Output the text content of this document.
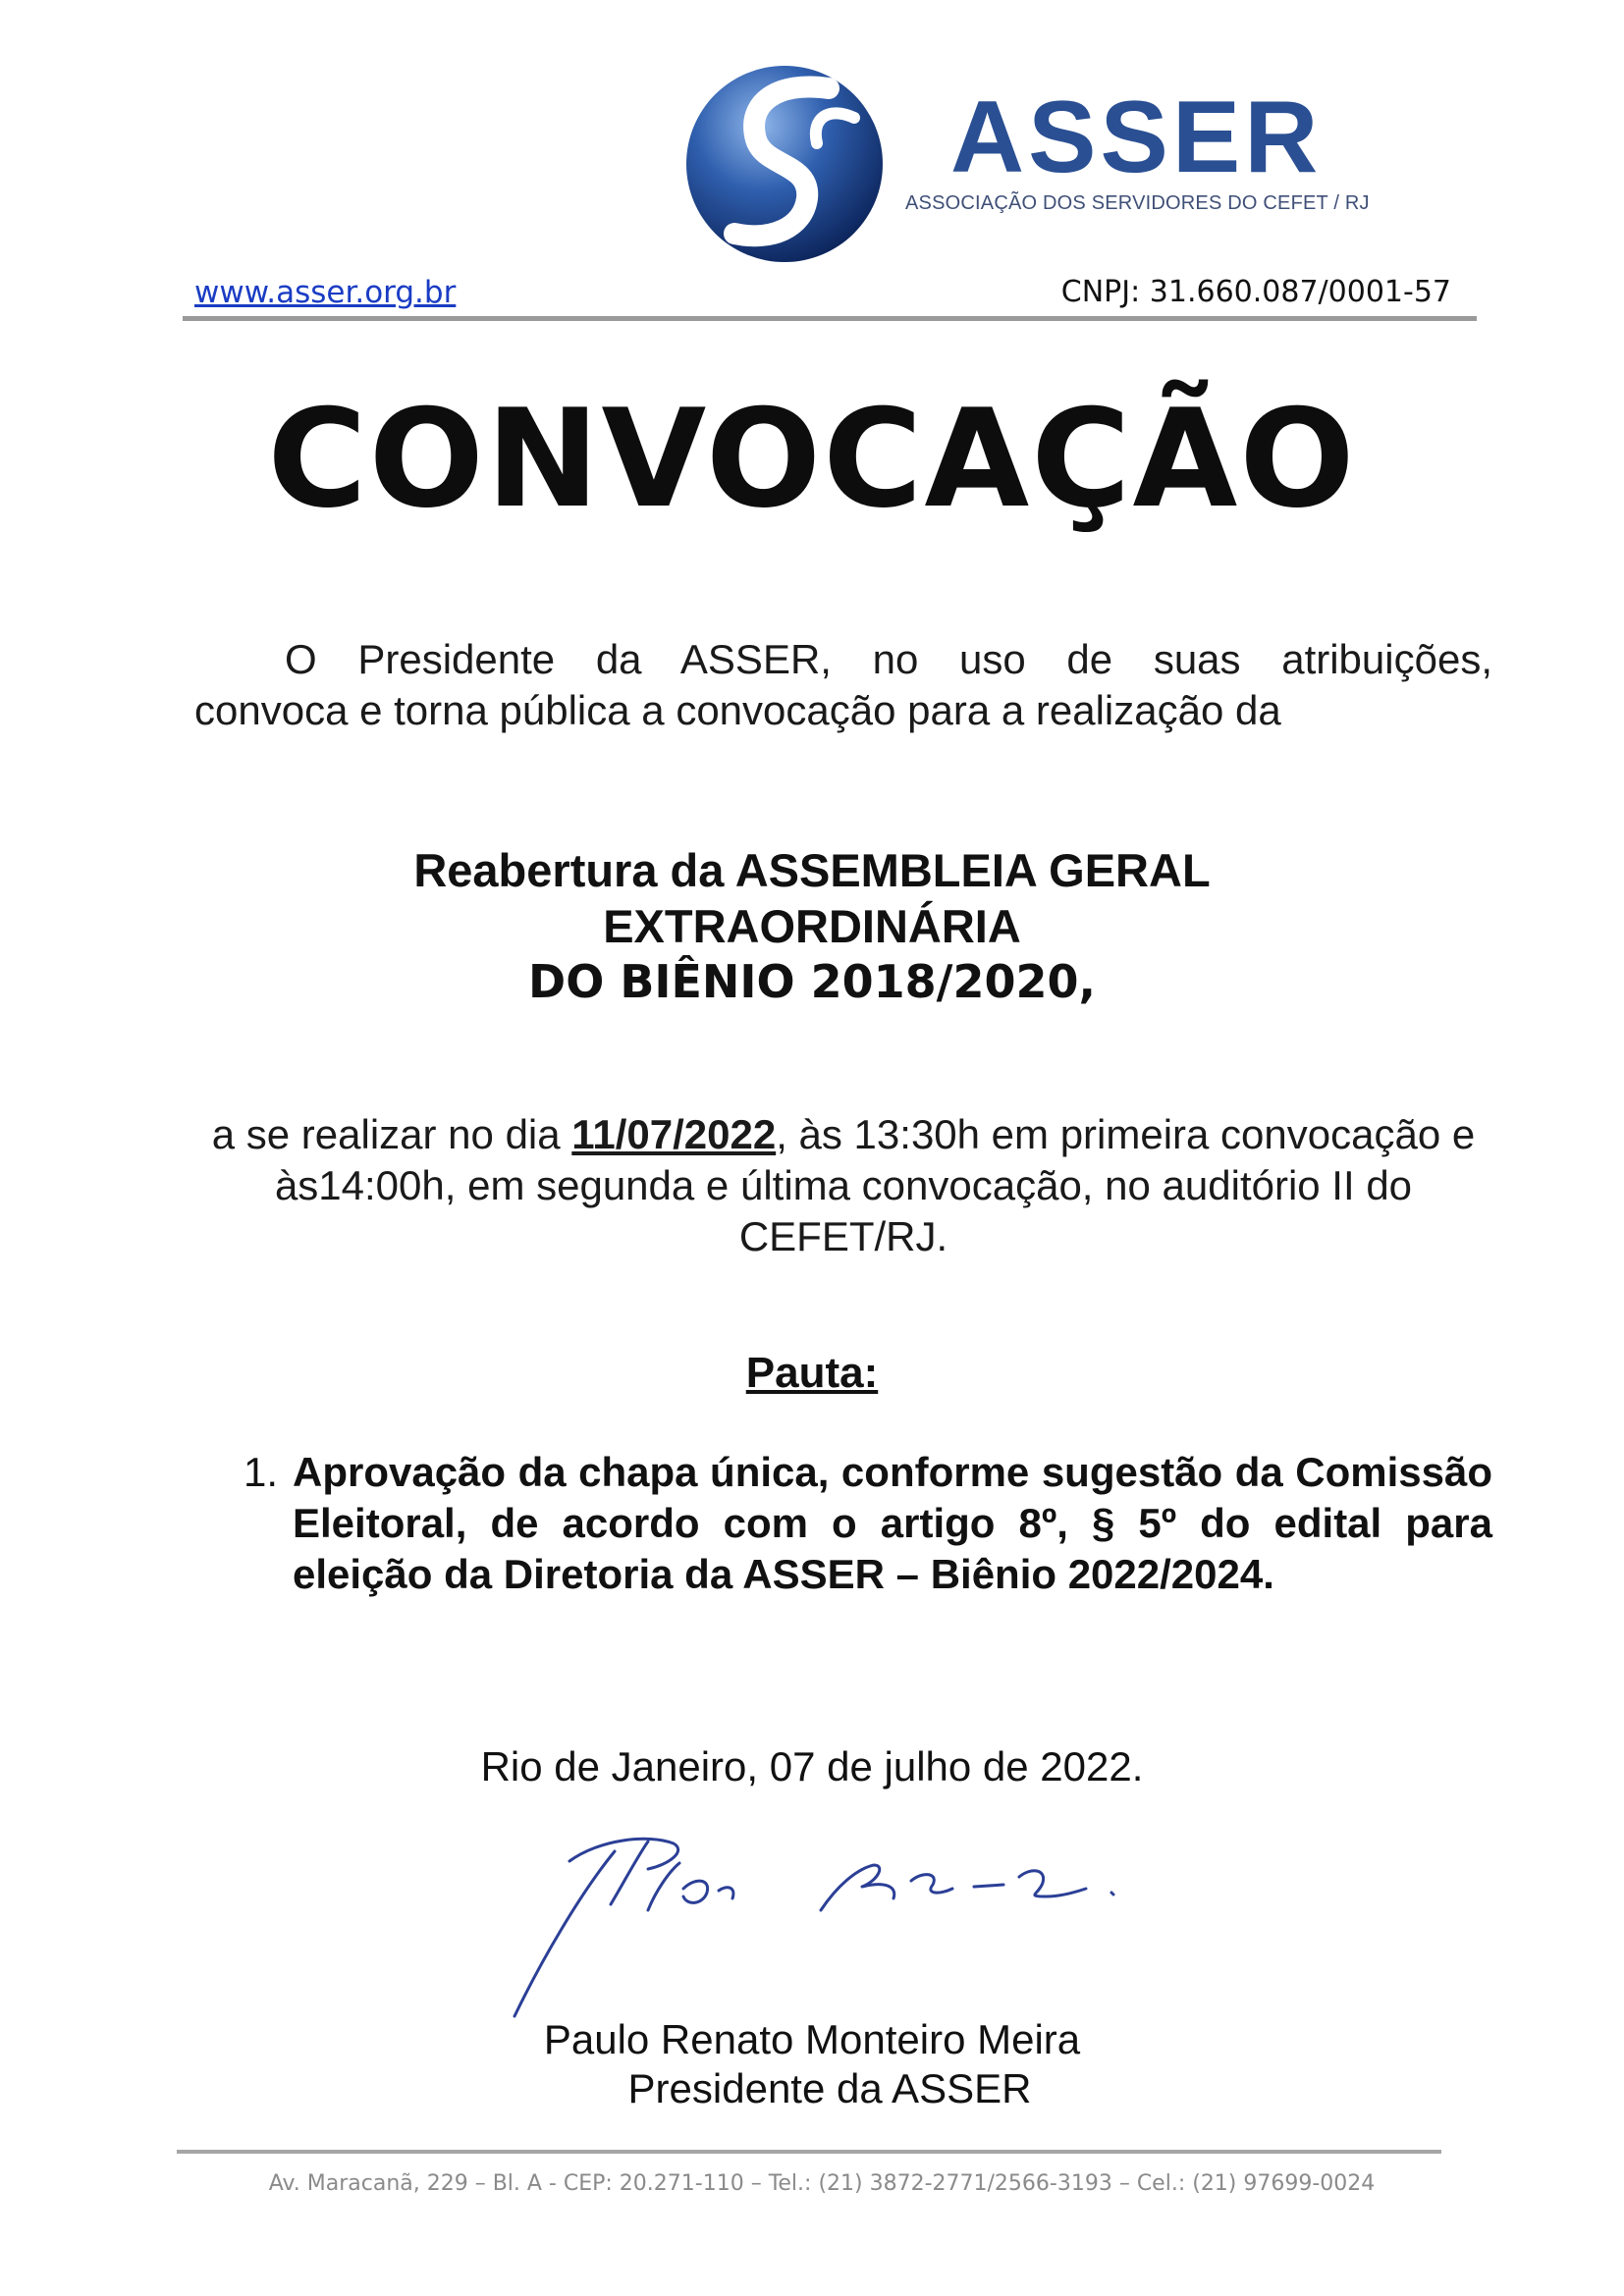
ASSER
ASSOCIAÇÃO DOS SERVIDORES DO CEFET / RJ
www.asser.org.br	CNPJ: 31.660.087/0001-57
CONVOCAÇÃO
O Presidente da ASSER, no uso de suas atribuições,
convoca e torna pública a convocação para a realização da
Reabertura da ASSEMBLEIA GERAL
EXTRAORDINÁRIA
DO BIÊNIO 2018/2020,
a se realizar no dia 11/07/2022, às 13:30h em primeira convocação e às14:00h, em segunda e última convocação, no auditório II do CEFET/RJ.
Pauta:
1. Aprovação da chapa única, conforme sugestão da Comissão Eleitoral, de acordo com o artigo 8º, § 5º do edital para eleição da Diretoria da ASSER – Biênio 2022/2024.
Rio de Janeiro, 07 de julho de 2022.
Paulo Renato Monteiro Meira
Presidente da ASSER
Av. Maracanã, 229 – Bl. A - CEP: 20.271-110 – Tel.: (21) 3872-2771/2566-3193 – Cel.: (21) 97699-0024
